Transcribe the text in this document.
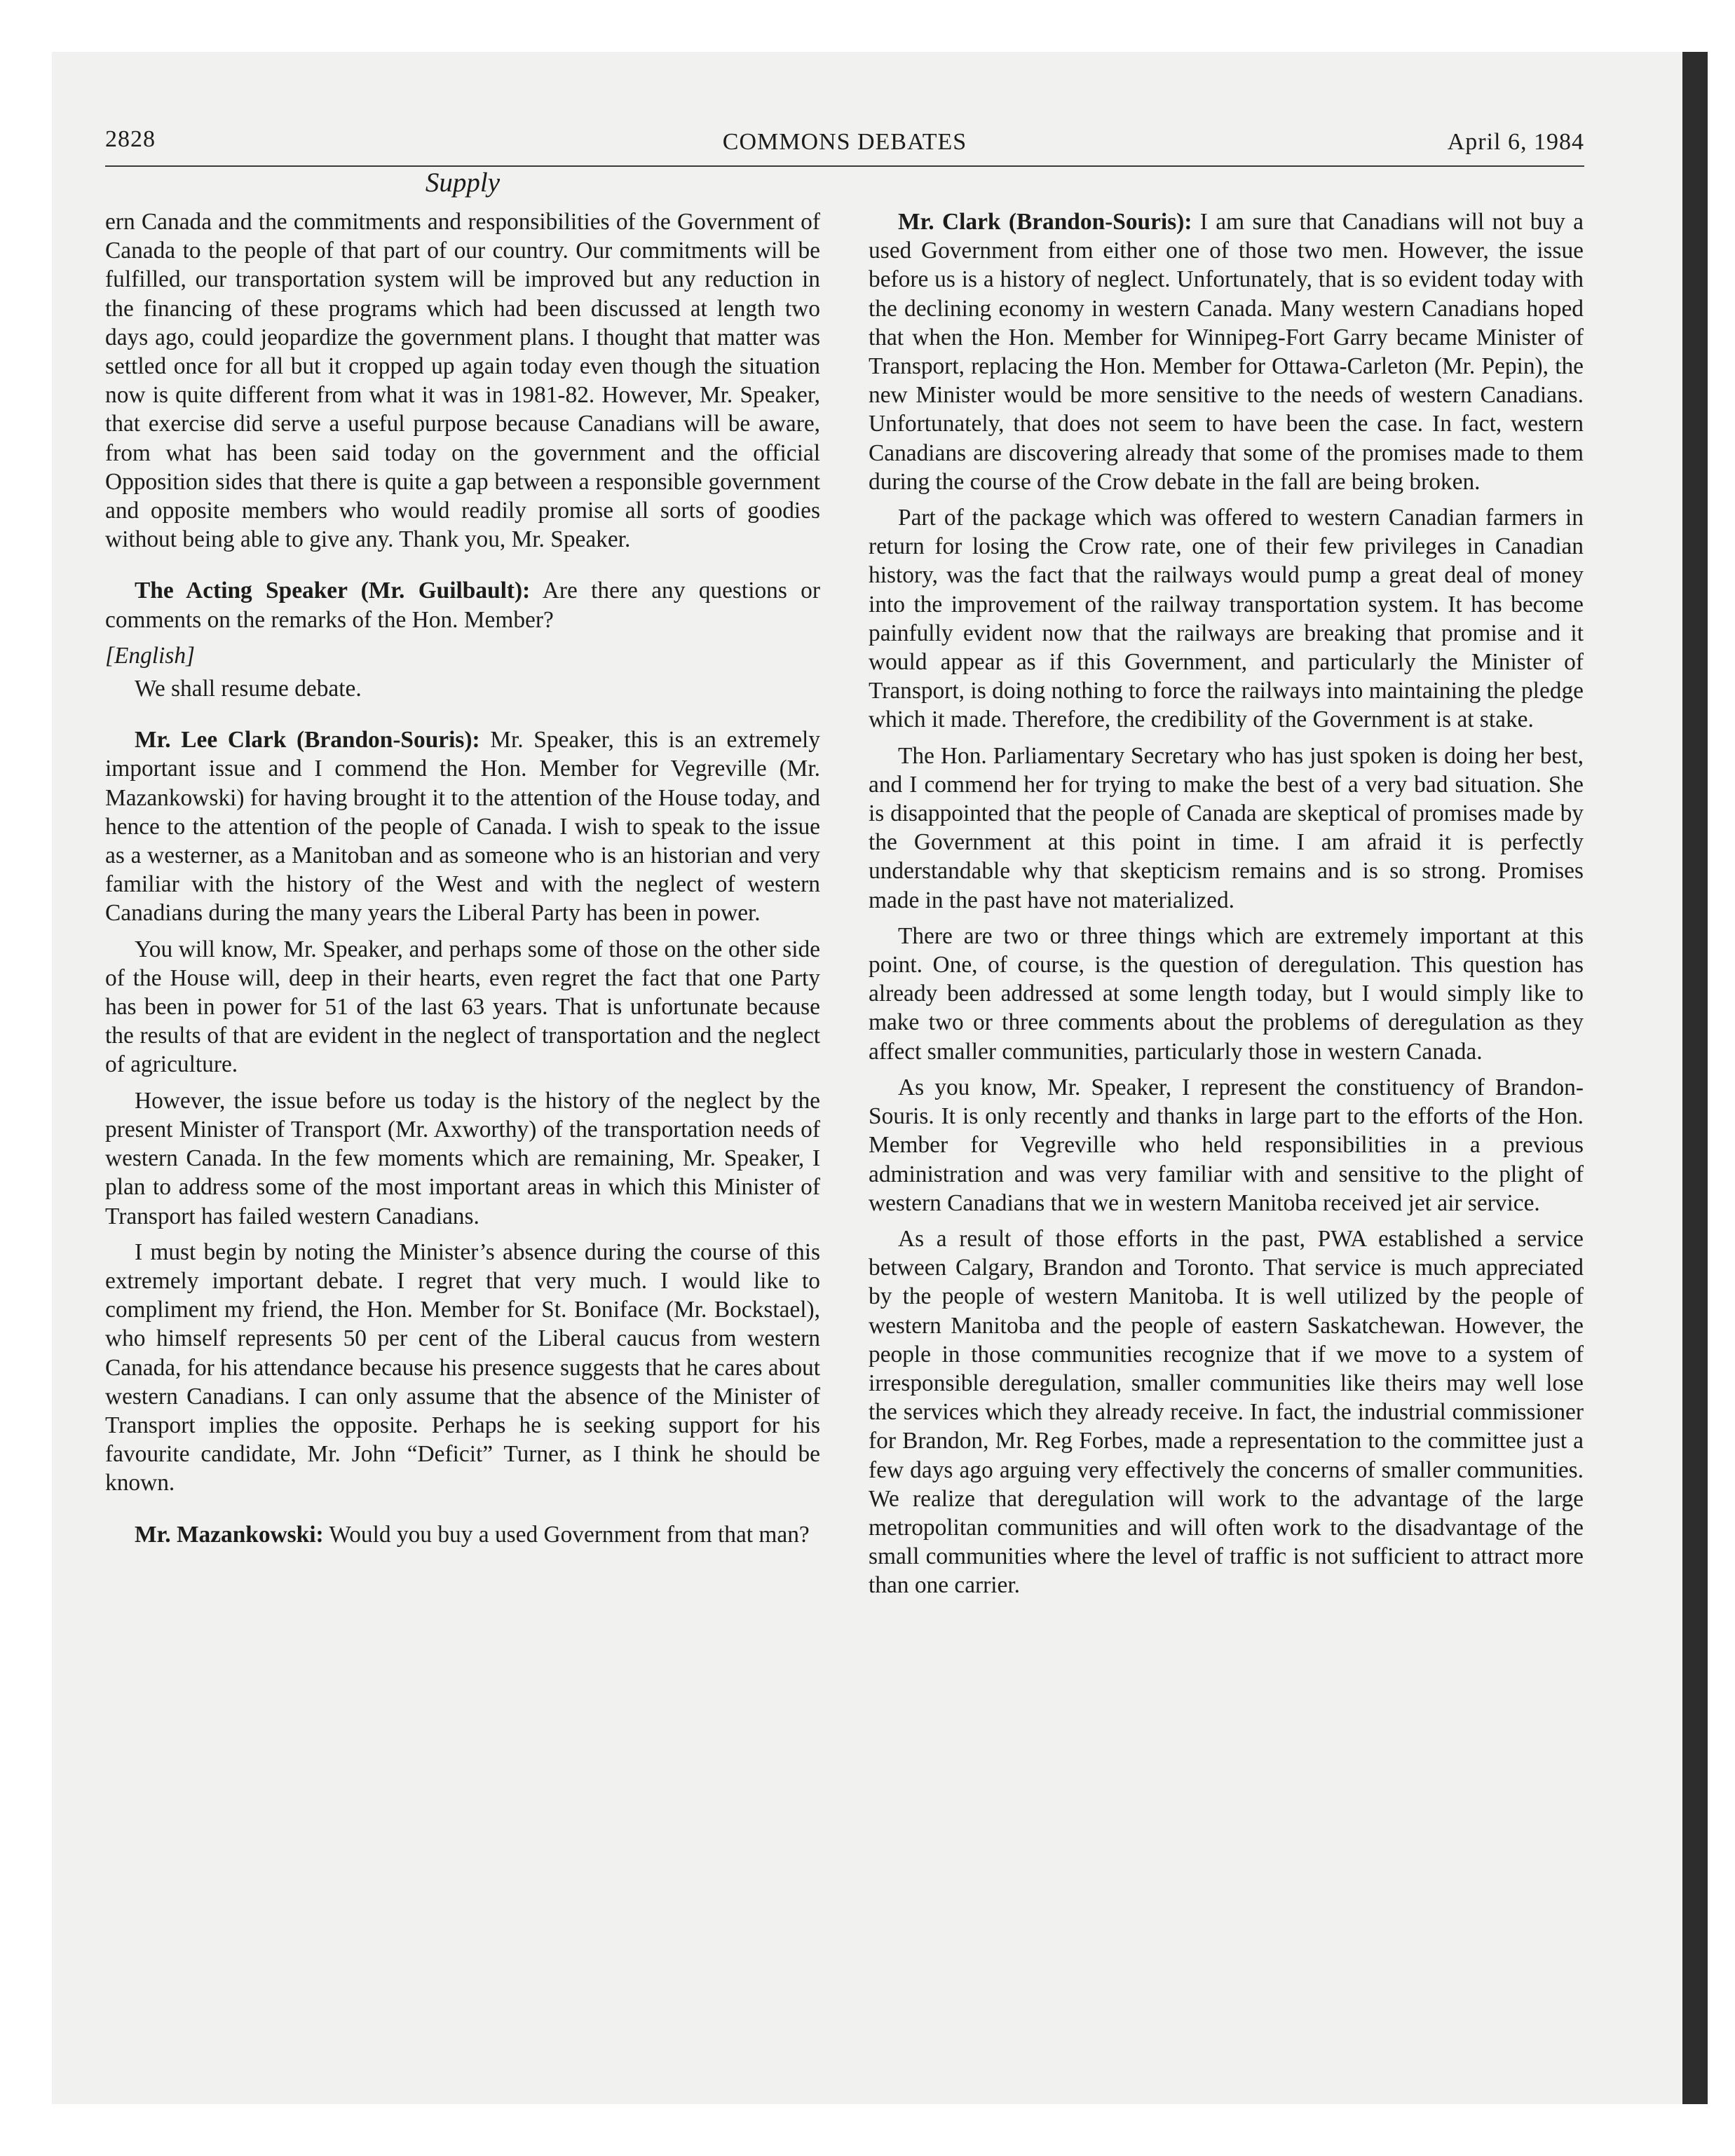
2828	COMMONS DEBATES	April 6, 1984
Supply

ern Canada and the commitments and responsibilities of the Government of Canada to the people of that part of our country. Our commitments will be fulfilled, our transportation system will be improved but any reduction in the financing of these programs which had been discussed at length two days ago, could jeopardize the government plans. I thought that matter was settled once for all but it cropped up again today even though the situation now is quite different from what it was in 1981-82. However, Mr. Speaker, that exercise did serve a useful purpose because Canadians will be aware, from what has been said today on the government and the official Opposition sides that there is quite a gap between a responsible government and opposite members who would readily promise all sorts of goodies without being able to give any. Thank you, Mr. Speaker.

The Acting Speaker (Mr. Guilbault): Are there any questions or comments on the remarks of the Hon. Member?

[English]

We shall resume debate.

Mr. Lee Clark (Brandon-Souris): Mr. Speaker, this is an extremely important issue and I commend the Hon. Member for Vegreville (Mr. Mazankowski) for having brought it to the attention of the House today, and hence to the attention of the people of Canada. I wish to speak to the issue as a westerner, as a Manitoban and as someone who is an historian and very familiar with the history of the West and with the neglect of western Canadians during the many years the Liberal Party has been in power.

You will know, Mr. Speaker, and perhaps some of those on the other side of the House will, deep in their hearts, even regret the fact that one Party has been in power for 51 of the last 63 years. That is unfortunate because the results of that are evident in the neglect of transportation and the neglect of agriculture.

However, the issue before us today is the history of the neglect by the present Minister of Transport (Mr. Axworthy) of the transportation needs of western Canada. In the few moments which are remaining, Mr. Speaker, I plan to address some of the most important areas in which this Minister of Transport has failed western Canadians.

I must begin by noting the Minister’s absence during the course of this extremely important debate. I regret that very much. I would like to compliment my friend, the Hon. Member for St. Boniface (Mr. Bockstael), who himself represents 50 per cent of the Liberal caucus from western Canada, for his attendance because his presence suggests that he cares about western Canadians. I can only assume that the absence of the Minister of Transport implies the opposite. Perhaps he is seeking support for his favourite candidate, Mr. John “Deficit” Turner, as I think he should be known.

Mr. Mazankowski: Would you buy a used Government from that man?

Mr. Clark (Brandon-Souris): I am sure that Canadians will not buy a used Government from either one of those two men. However, the issue before us is a history of neglect. Unfortunately, that is so evident today with the declining economy in western Canada. Many western Canadians hoped that when the Hon. Member for Winnipeg-Fort Garry became Minister of Transport, replacing the Hon. Member for Ottawa-Carleton (Mr. Pepin), the new Minister would be more sensitive to the needs of western Canadians. Unfortunately, that does not seem to have been the case. In fact, western Canadians are discovering already that some of the promises made to them during the course of the Crow debate in the fall are being broken.

Part of the package which was offered to western Canadian farmers in return for losing the Crow rate, one of their few privileges in Canadian history, was the fact that the railways would pump a great deal of money into the improvement of the railway transportation system. It has become painfully evident now that the railways are breaking that promise and it would appear as if this Government, and particularly the Minister of Transport, is doing nothing to force the railways into maintaining the pledge which it made. Therefore, the credibility of the Government is at stake.

The Hon. Parliamentary Secretary who has just spoken is doing her best, and I commend her for trying to make the best of a very bad situation. She is disappointed that the people of Canada are skeptical of promises made by the Government at this point in time. I am afraid it is perfectly understandable why that skepticism remains and is so strong. Promises made in the past have not materialized.

There are two or three things which are extremely important at this point. One, of course, is the question of deregulation. This question has already been addressed at some length today, but I would simply like to make two or three comments about the problems of deregulation as they affect smaller communities, particularly those in western Canada.

As you know, Mr. Speaker, I represent the constituency of Brandon-Souris. It is only recently and thanks in large part to the efforts of the Hon. Member for Vegreville who held responsibilities in a previous administration and was very familiar with and sensitive to the plight of western Canadians that we in western Manitoba received jet air service.

As a result of those efforts in the past, PWA established a service between Calgary, Brandon and Toronto. That service is much appreciated by the people of western Manitoba. It is well utilized by the people of western Manitoba and the people of eastern Saskatchewan. However, the people in those communities recognize that if we move to a system of irresponsible deregulation, smaller communities like theirs may well lose the services which they already receive. In fact, the industrial commissioner for Brandon, Mr. Reg Forbes, made a representation to the committee just a few days ago arguing very effectively the concerns of smaller communities. We realize that deregulation will work to the advantage of the large metropolitan communities and will often work to the disadvantage of the small communities where the level of traffic is not sufficient to attract more than one carrier.
